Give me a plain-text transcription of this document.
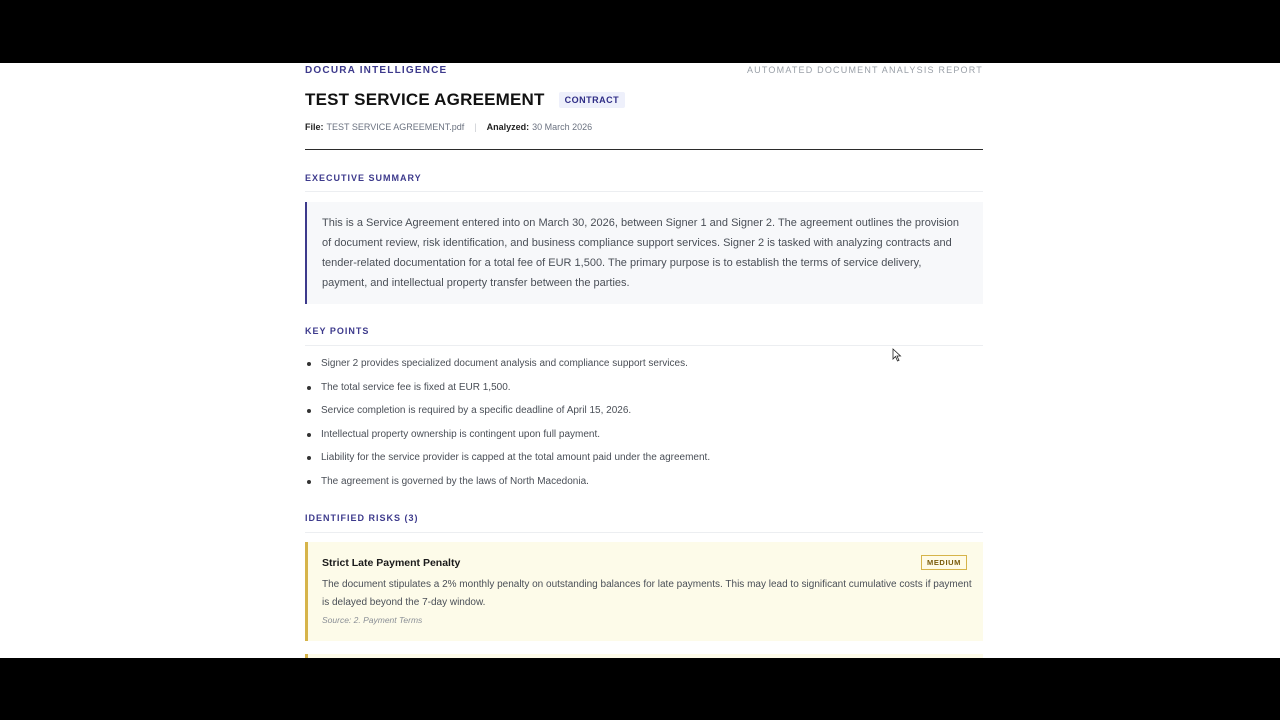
DOCURA INTELLIGENCE	AUTOMATED DOCUMENT ANALYSIS REPORT
TEST SERVICE AGREEMENT	CONTRACT
File: TEST SERVICE AGREEMENT.pdf | Analyzed: 30 March 2026
EXECUTIVE SUMMARY
This is a Service Agreement entered into on March 30, 2026, between Signer 1 and Signer 2. The agreement outlines the provision of document review, risk identification, and business compliance support services. Signer 2 is tasked with analyzing contracts and tender-related documentation for a total fee of EUR 1,500. The primary purpose is to establish the terms of service delivery, payment, and intellectual property transfer between the parties.
KEY POINTS
Signer 2 provides specialized document analysis and compliance support services.
The total service fee is fixed at EUR 1,500.
Service completion is required by a specific deadline of April 15, 2026.
Intellectual property ownership is contingent upon full payment.
Liability for the service provider is capped at the total amount paid under the agreement.
The agreement is governed by the laws of North Macedonia.
IDENTIFIED RISKS (3)
Strict Late Payment Penalty	MEDIUM
The document stipulates a 2% monthly penalty on outstanding balances for late payments. This may lead to significant cumulative costs if payment is delayed beyond the 7-day window.
Source: 2. Payment Terms
